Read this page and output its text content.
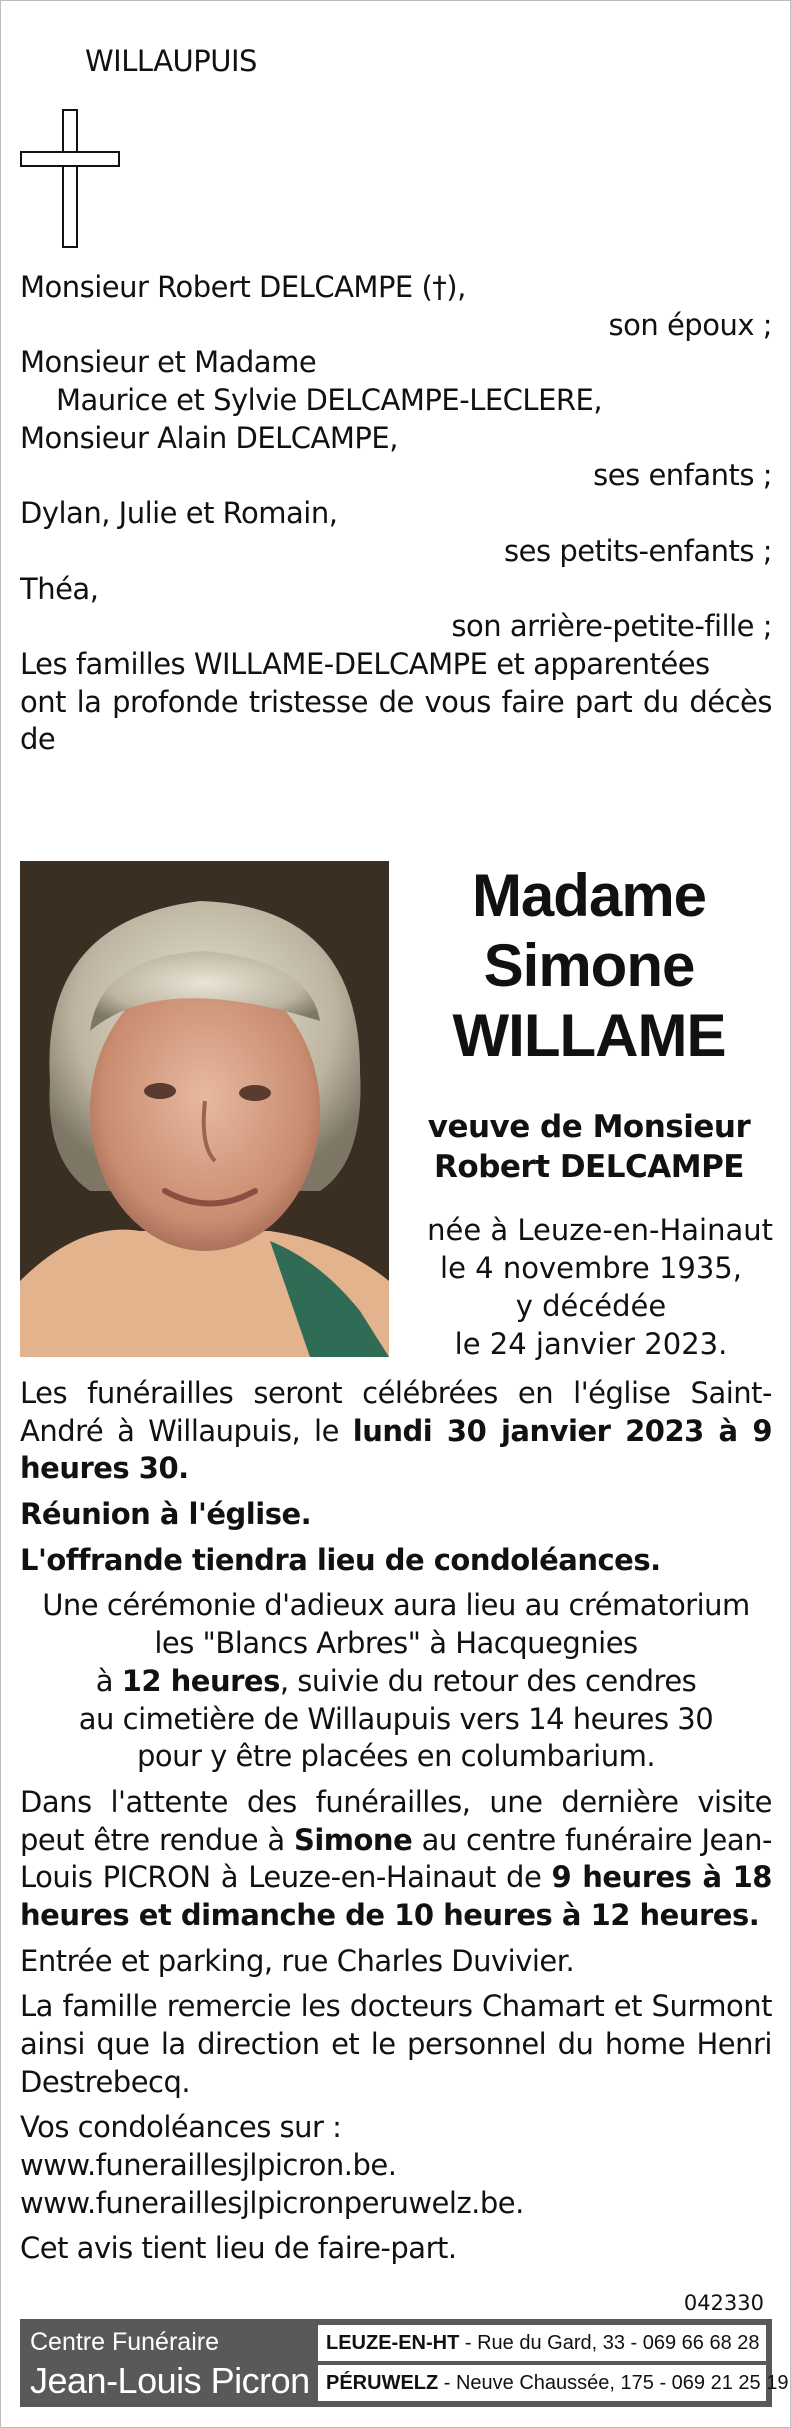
WILLAUPUIS
Monsieur Robert DELCAMPE (†),
son époux ;
Monsieur et Madame
Maurice et Sylvie DELCAMPE-LECLERE,
Monsieur Alain DELCAMPE,
ses enfants ;
Dylan, Julie et Romain,
ses petits-enfants ;
Théa,
son arrière-petite-fille ;
Les familles WILLAME-DELCAMPE et apparentées
ont la profonde tristesse de vous faire part du décès de
Madame
Simone
WILLAME
veuve de Monsieur
Robert DELCAMPE
née à Leuze-en-Hainaut
le 4 novembre 1935,
y décédée
le 24 janvier 2023.

Les funérailles seront célébrées en l'église Saint-André à Willaupuis, le lundi 30 janvier 2023 à 9 heures 30.

Réunion à l'église.

L'offrande tiendra lieu de condoléances.

Une cérémonie d'adieux aura lieu au crématorium
les "Blancs Arbres" à Hacquegnies
à 12 heures, suivie du retour des cendres
au cimetière de Willaupuis vers 14 heures 30
pour y être placées en columbarium.

Dans l'attente des funérailles, une dernière visite peut être rendue à Simone au centre funéraire Jean-Louis PICRON à Leuze-en-Hainaut de 9 heures à 18 heures et dimanche de 10 heures à 12 heures.

Entrée et parking, rue Charles Duvivier.

La famille remercie les docteurs Chamart et Surmont ainsi que la direction et le personnel du home Henri Destrebecq.

Vos condoléances sur :
www.funeraillesjlpicron.be.
www.funeraillesjlpicronperuwelz.be.

Cet avis tient lieu de faire-part.

042330
Centre Funéraire
Jean-Louis Picron
LEUZE-EN-HT - Rue du Gard, 33 - 069 66 68 28
PÉRUWELZ - Neuve Chaussée, 175 - 069 21 25 19
